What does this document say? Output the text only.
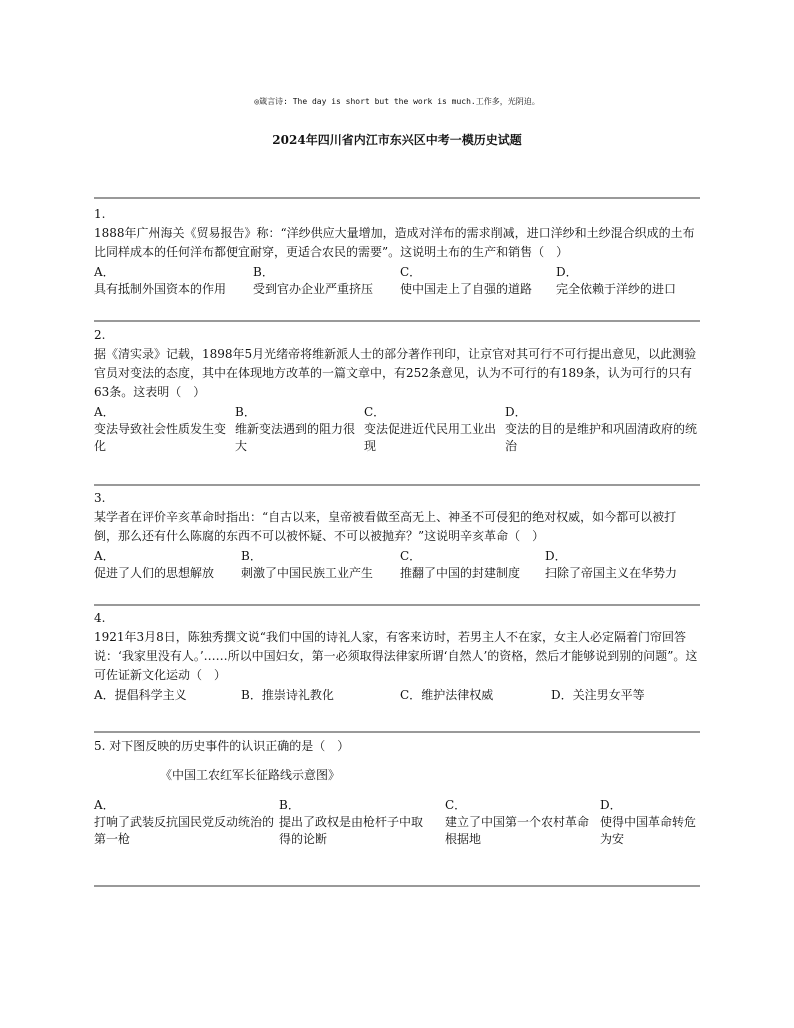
◎箴言诗: The day is short but the work is much.工作多，光阴迫。
2024年四川省内江市东兴区中考一模历史试题
1.

1888年广州海关《贸易报告》称：“洋纱供应大量增加，造成对洋布的需求削减，进口洋纱和土纱混合织成的土布比同样成本的任何洋布都便宜耐穿，更适合农民的需要”。这说明土布的生产和销售（　）

A．
具有抵制外国资本的作用
B．
受到官办企业严重挤压
C．
使中国走上了自强的道路
D．
完全依赖于洋纱的进口
2.

据《清实录》记载，1898年5月光绪帝将维新派人士的部分著作刊印，让京官对其可行不可行提出意见，以此测验官员对变法的态度，其中在体现地方改革的一篇文章中，有252条意见，认为不可行的有189条，认为可行的只有63条。这表明（　）

A．
变法导致社会性质发生变化
B．
维新变法遇到的阻力很大
C．
变法促进近代民用工业出现
D．
变法的目的是维护和巩固清政府的统治
3.

某学者在评价辛亥革命时指出：“自古以来，皇帝被看做至高无上、神圣不可侵犯的绝对权威，如今都可以被打倒，那么还有什么陈腐的东西不可以被怀疑、不可以被抛弃？”这说明辛亥革命（　）

A．
促进了人们的思想解放
B．
刺激了中国民族工业产生
C．
推翻了中国的封建制度
D．
扫除了帝国主义在华势力
4.

1921年3月8日，陈独秀撰文说“我们中国的诗礼人家，有客来访时，若男主人不在家，女主人必定隔着门帘回答说：‘我家里没有人。’……所以中国妇女，第一必须取得法律家所谓‘自然人’的资格，然后才能够说到别的问题”。这可佐证新文化运动（　）

A．提倡科学主义	B．推崇诗礼教化	C．维护法律权威	D．关注男女平等

5. 对下图反映的历史事件的认识正确的是（　）

《中国工农红军长征路线示意图》
A．
打响了武装反抗国民党反动统治的第一枪
B．
提出了政权是由枪杆子中取得的论断
C．
建立了中国第一个农村革命根据地
D．
使得中国革命转危为安
